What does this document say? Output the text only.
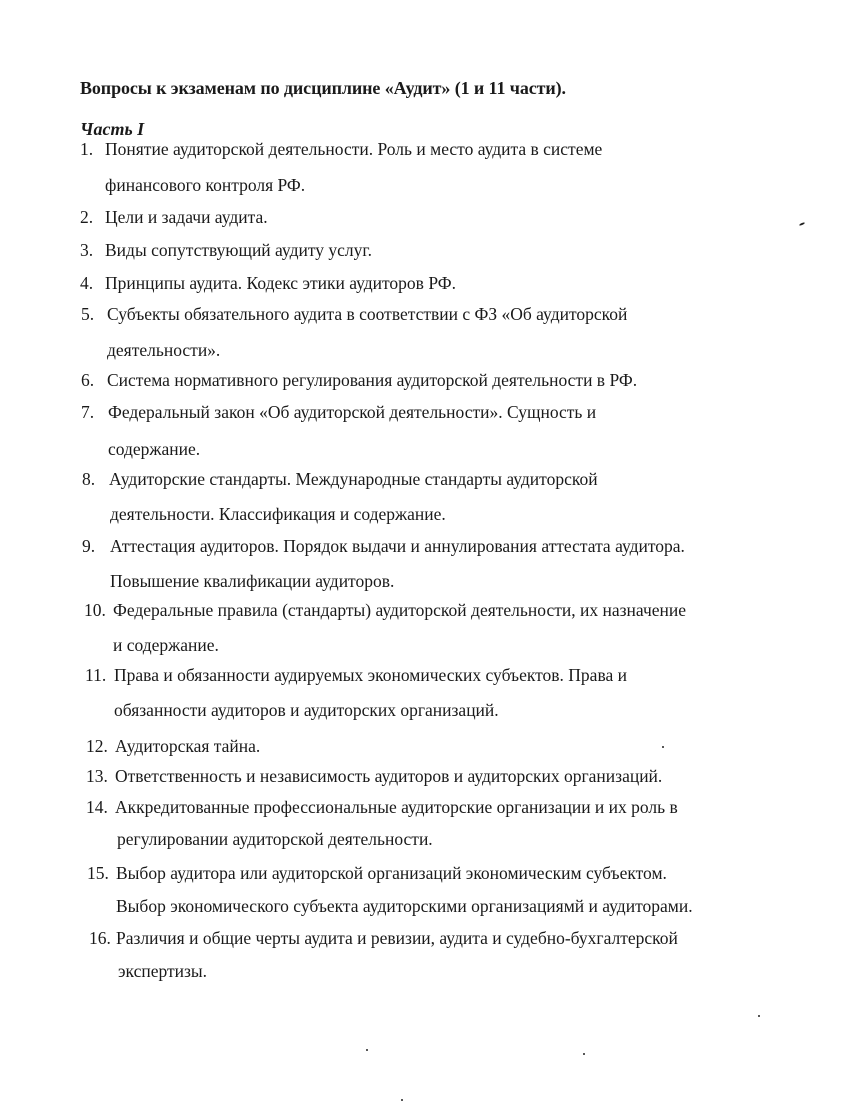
Вопросы к экзаменам по дисциплине «Аудит» (1 и 11 части).
Часть I
1. Понятие аудиторской деятельности. Роль и место аудита в системе
финансового контроля РФ.
2. Цели и задачи аудита.
3. Виды сопутствующий аудиту услуг.
4. Принципы аудита. Кодекс этики аудиторов РФ.
5. Субъекты обязательного аудита в соответствии с ФЗ «Об аудиторской
деятельности».
6. Система нормативного регулирования аудиторской деятельности в РФ.
7. Федеральный закон «Об аудиторской деятельности». Сущность и
содержание.
8. Аудиторские стандарты. Международные стандарты аудиторской
деятельности. Классификация и содержание.
9. Аттестация аудиторов. Порядок выдачи и аннулирования аттестата аудитора.
Повышение квалификации аудиторов.
10. Федеральные правила (стандарты) аудиторской деятельности, их назначение
и содержание.
11. Права и обязанности аудируемых экономических субъектов. Права и
обязанности аудиторов и аудиторских организаций.
12. Аудиторская тайна.
13. Ответственность и независимость аудиторов и аудиторских организаций.
14. Аккредитованные профессиональные аудиторские организации и их роль в
регулировании аудиторской деятельности.
15. Выбор аудитора или аудиторской организаций экономическим субъектом.
Выбор экономического субъекта аудиторскими организациямй и аудиторами.
16. Различия и общие черты аудита и ревизии, аудита и судебно-бухгалтерской
экспертизы.
